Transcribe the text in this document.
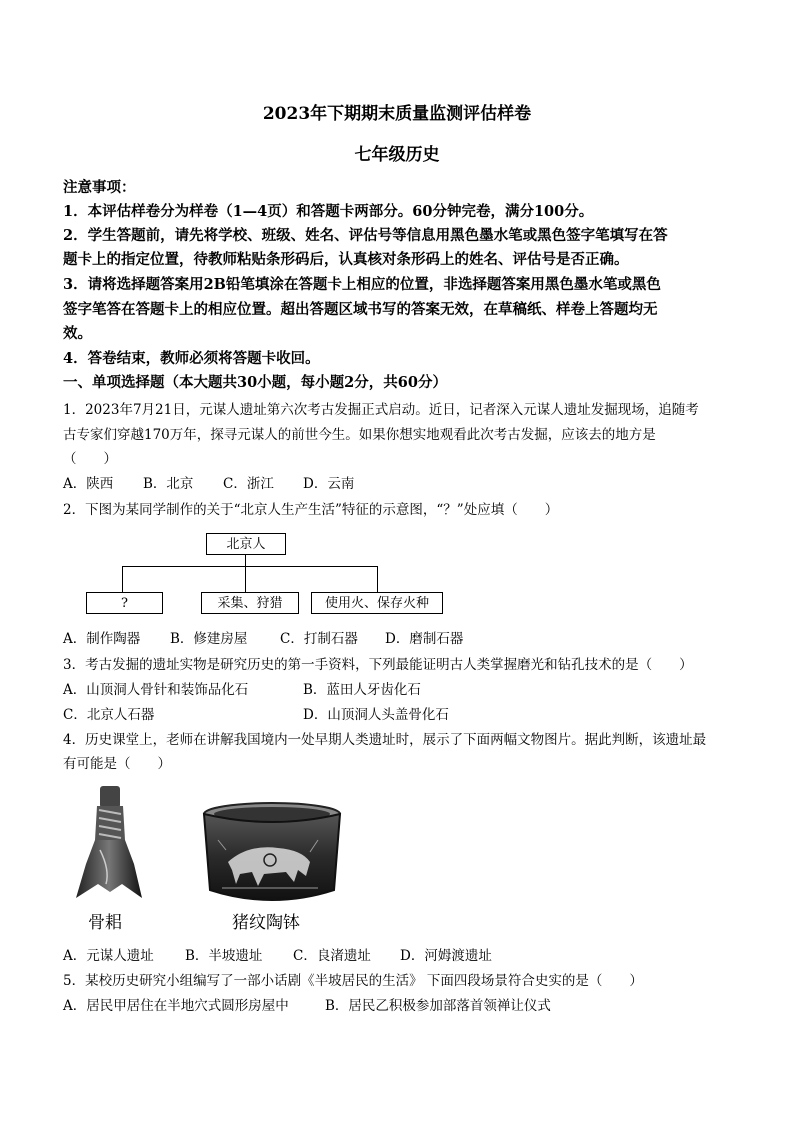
2023年下期期末质量监测评估样卷
七年级历史
注意事项：
1．本评估样卷分为样卷（1—4页）和答题卡两部分。60分钟完卷，满分100分。
2．学生答题前，请先将学校、班级、姓名、评估号等信息用黑色墨水笔或黑色签字笔填写在答
题卡上的指定位置，待教师粘贴条形码后，认真核对条形码上的姓名、评估号是否正确。
3．请将选择题答案用2B铅笔填涂在答题卡上相应的位置，非选择题答案用黑色墨水笔或黑色
签字笔答在答题卡上的相应位置。超出答题区域书写的答案无效，在草稿纸、样卷上答题均无
效。
4．答卷结束，教师必须将答题卡收回。
一、单项选择题（本大题共30小题，每小题2分，共60分）
1．2023年7月21日，元谋人遗址第六次考古发掘正式启动。近日，记者深入元谋人遗址发掘现场，追随考
古专家们穿越170万年，探寻元谋人的前世今生。如果你想实地观看此次考古发掘，应该去的地方是
（　　）
A．陕西 B．北京 C．浙江 D．云南
2．下图为某同学制作的关于“北京人生产生活”特征的示意图，“？”处应填（　　）
北京人
?	采集、狩猎	使用火、保存火种
A．制作陶器 B．修建房屋 C．打制石器 D．磨制石器
3．考古发掘的遗址实物是研究历史的第一手资料，下列最能证明古人类掌握磨光和钻孔技术的是（　　）
A．山顶洞人骨针和装饰品化石	B．蓝田人牙齿化石
C．北京人石器	D．山顶洞人头盖骨化石
4．历史课堂上，老师在讲解我国境内一处早期人类遗址时，展示了下面两幅文物图片。据此判断，该遗址最
有可能是（　　）
骨耜	猪纹陶钵
A．元谋人遗址 B．半坡遗址 C．良渚遗址 D．河姆渡遗址
5．某校历史研究小组编写了一部小话剧《半坡居民的生活》 下面四段场景符合史实的是（　　）
A．居民甲居住在半地穴式圆形房屋中	B．居民乙积极参加部落首领禅让仪式
